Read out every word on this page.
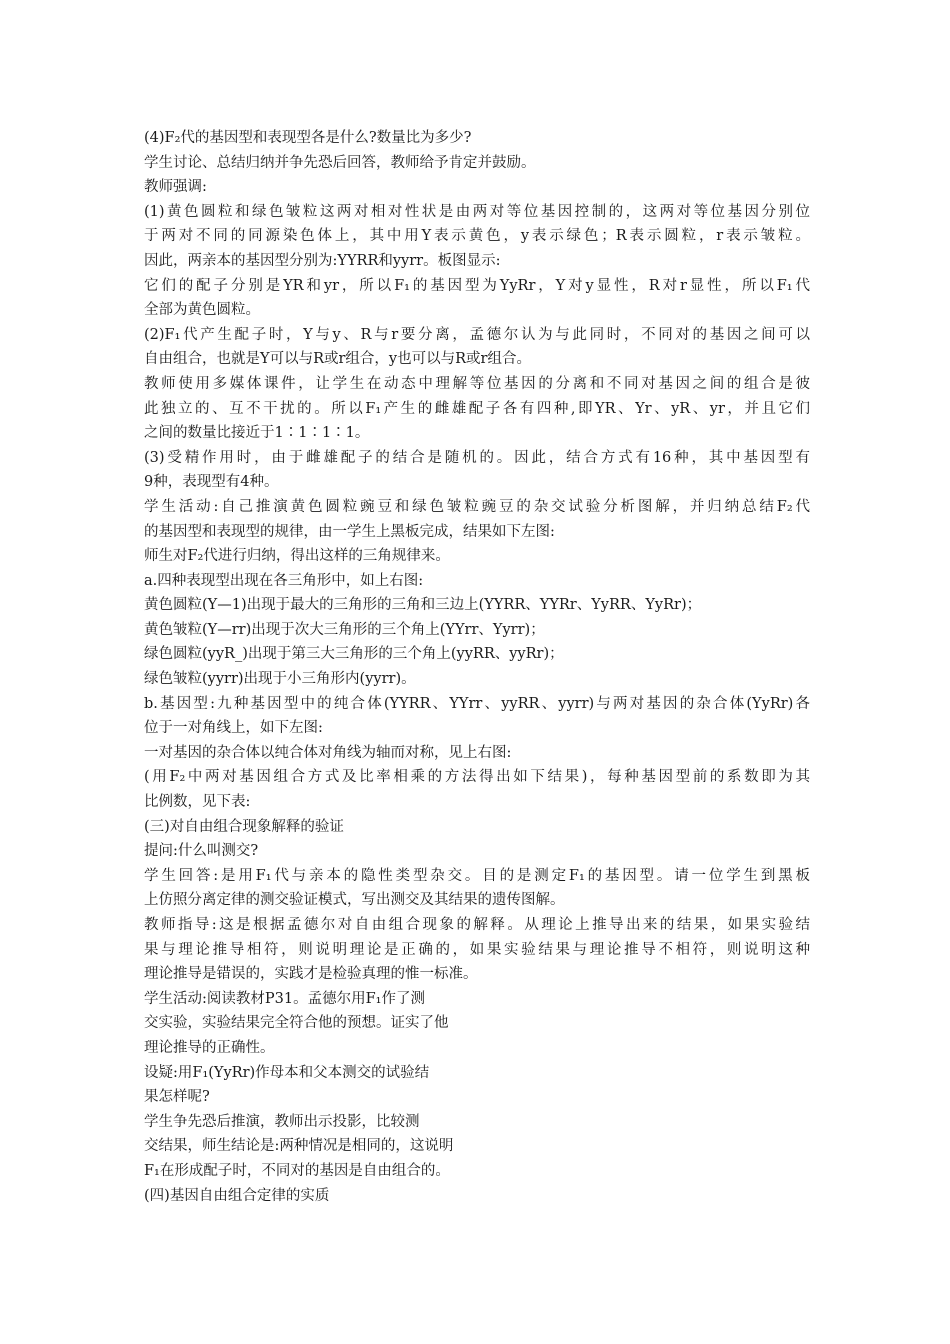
(4)F₂代的基因型和表现型各是什么?数量比为多少?
学生讨论、总结归纳并争先恐后回答，教师给予肯定并鼓励。
教师强调:
(1)黄色圆粒和绿色皱粒这两对相对性状是由两对等位基因控制的，这两对等位基因分别位
于两对不同的同源染色体上，其中用Y表示黄色，y表示绿色；R表示圆粒，r表示皱粒。
因此，两亲本的基因型分别为:YYRR和yyrr。板图显示:
它们的配子分别是YR和yr，所以F₁的基因型为YyRr，Y对y显性，R对r显性，所以F₁代
全部为黄色圆粒。
(2)F₁代产生配子时，Y与y、R与r要分离，孟德尔认为与此同时，不同对的基因之间可以
自由组合，也就是Y可以与R或r组合，y也可以与R或r组合。
教师使用多媒体课件，让学生在动态中理解等位基因的分离和不同对基因之间的组合是彼
此独立的、互不干扰的。所以F₁产生的雌雄配子各有四种,即YR、Yr、yR、yr，并且它们
之间的数量比接近于1∶1∶1∶1。
(3)受精作用时，由于雌雄配子的结合是随机的。因此，结合方式有16种，其中基因型有
9种，表现型有4种。
学生活动:自己推演黄色圆粒豌豆和绿色皱粒豌豆的杂交试验分析图解，并归纳总结F₂代
的基因型和表现型的规律，由一学生上黑板完成，结果如下左图:
师生对F₂代进行归纳，得出这样的三角规律来。
a.四种表现型出现在各三角形中，如上右图:
黄色圆粒(Y—1)出现于最大的三角形的三角和三边上(YYRR、YYRr、YyRR、YyRr)；
黄色皱粒(Y—rr)出现于次大三角形的三个角上(YYrr、Yyrr)；
绿色圆粒(yyR_)出现于第三大三角形的三个角上(yyRR、yyRr)；
绿色皱粒(yyrr)出现于小三角形内(yyrr)。
b.基因型:九种基因型中的纯合体(YYRR、YYrr、yyRR、yyrr)与两对基因的杂合体(YyRr)各
位于一对角线上，如下左图:
一对基因的杂合体以纯合体对角线为轴而对称，见上右图:
(用F₂中两对基因组合方式及比率相乘的方法得出如下结果)，每种基因型前的系数即为其
比例数，见下表:
(三)对自由组合现象解释的验证
提问:什么叫测交?
学生回答:是用F₁代与亲本的隐性类型杂交。目的是测定F₁的基因型。请一位学生到黑板
上仿照分离定律的测交验证模式，写出测交及其结果的遗传图解。
教师指导:这是根据孟德尔对自由组合现象的解释。从理论上推导出来的结果，如果实验结
果与理论推导相符，则说明理论是正确的，如果实验结果与理论推导不相符，则说明这种
理论推导是错误的，实践才是检验真理的惟一标准。
学生活动:阅读教材P31。孟德尔用F₁作了测
交实验，实验结果完全符合他的预想。证实了他
理论推导的正确性。
设疑:用F₁(YyRr)作母本和父本测交的试验结
果怎样呢?
学生争先恐后推演，教师出示投影，比较测
交结果，师生结论是:两种情况是相同的，这说明
F₁在形成配子时，不同对的基因是自由组合的。
(四)基因自由组合定律的实质
